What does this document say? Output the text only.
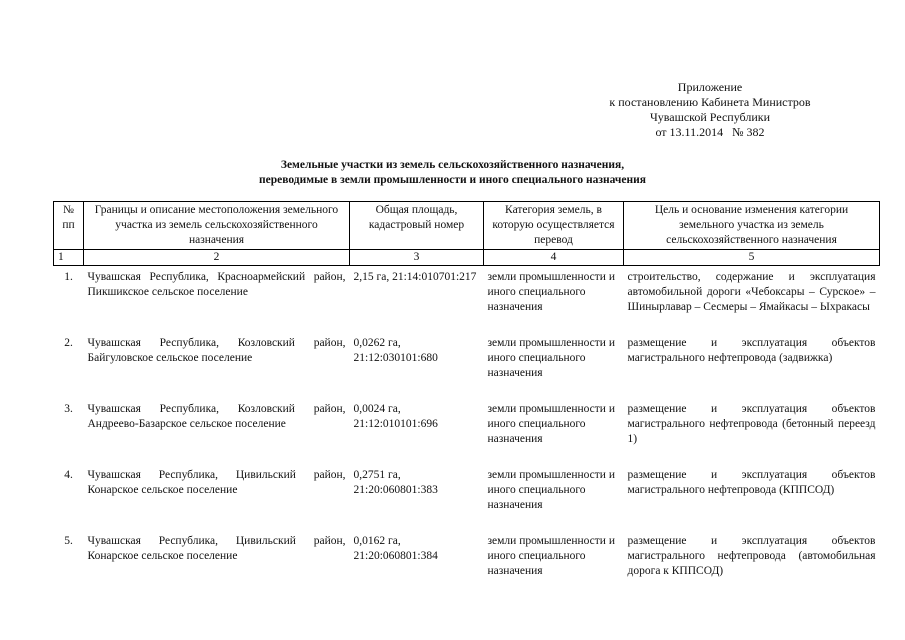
Приложение
к постановлению Кабинета Министров
Чувашской Республики
от 13.11.2014   № 382
Земельные участки из земель сельскохозяйственного назначения,
переводимые в земли промышленности и иного специального назначения
№ пп	Границы и описание местоположения земельного участка из земель сельскохозяйственного назначения	Общая площадь, кадастровый номер	Категория земель, в которую осуществляется перевод	Цель и основание изменения категории земельного участка из земель сельскохозяйственного назначения
1	2	3	4	5
1.	Чувашская Республика, Красноармейский район, Пикшикское сельское поселение	2,15 га, 21:14:010701:217	земли промышленности и иного специального назначения	строительство, содержание и эксплуатация автомобильной дороги «Чебоксары – Сурское» – Шинырлавар – Сесмеры – Ямайкасы – Ыхракасы
2.	Чувашская Республика, Козловский район, Байгуловское сельское поселение	0,0262 га, 21:12:030101:680	земли промышленности и иного специального назначения	размещение и эксплуатация объектов магистрального нефтепровода (задвижка)
3.	Чувашская Республика, Козловский район, Андреево-Базарское сельское поселение	0,0024 га, 21:12:010101:696	земли промышленности и иного специального назначения	размещение и эксплуатация объектов магистрального нефтепровода (бетонный переезд 1)
4.	Чувашская Республика, Цивильский район, Конарское сельское поселение	0,2751 га, 21:20:060801:383	земли промышленности и иного специального назначения	размещение и эксплуатация объектов магистрального нефтепровода (КППСОД)
5.	Чувашская Республика, Цивильский район, Конарское сельское поселение	0,0162 га, 21:20:060801:384	земли промышленности и иного специального назначения	размещение и эксплуатация объектов магистрального нефтепровода (автомобильная дорога к КППСОД)
